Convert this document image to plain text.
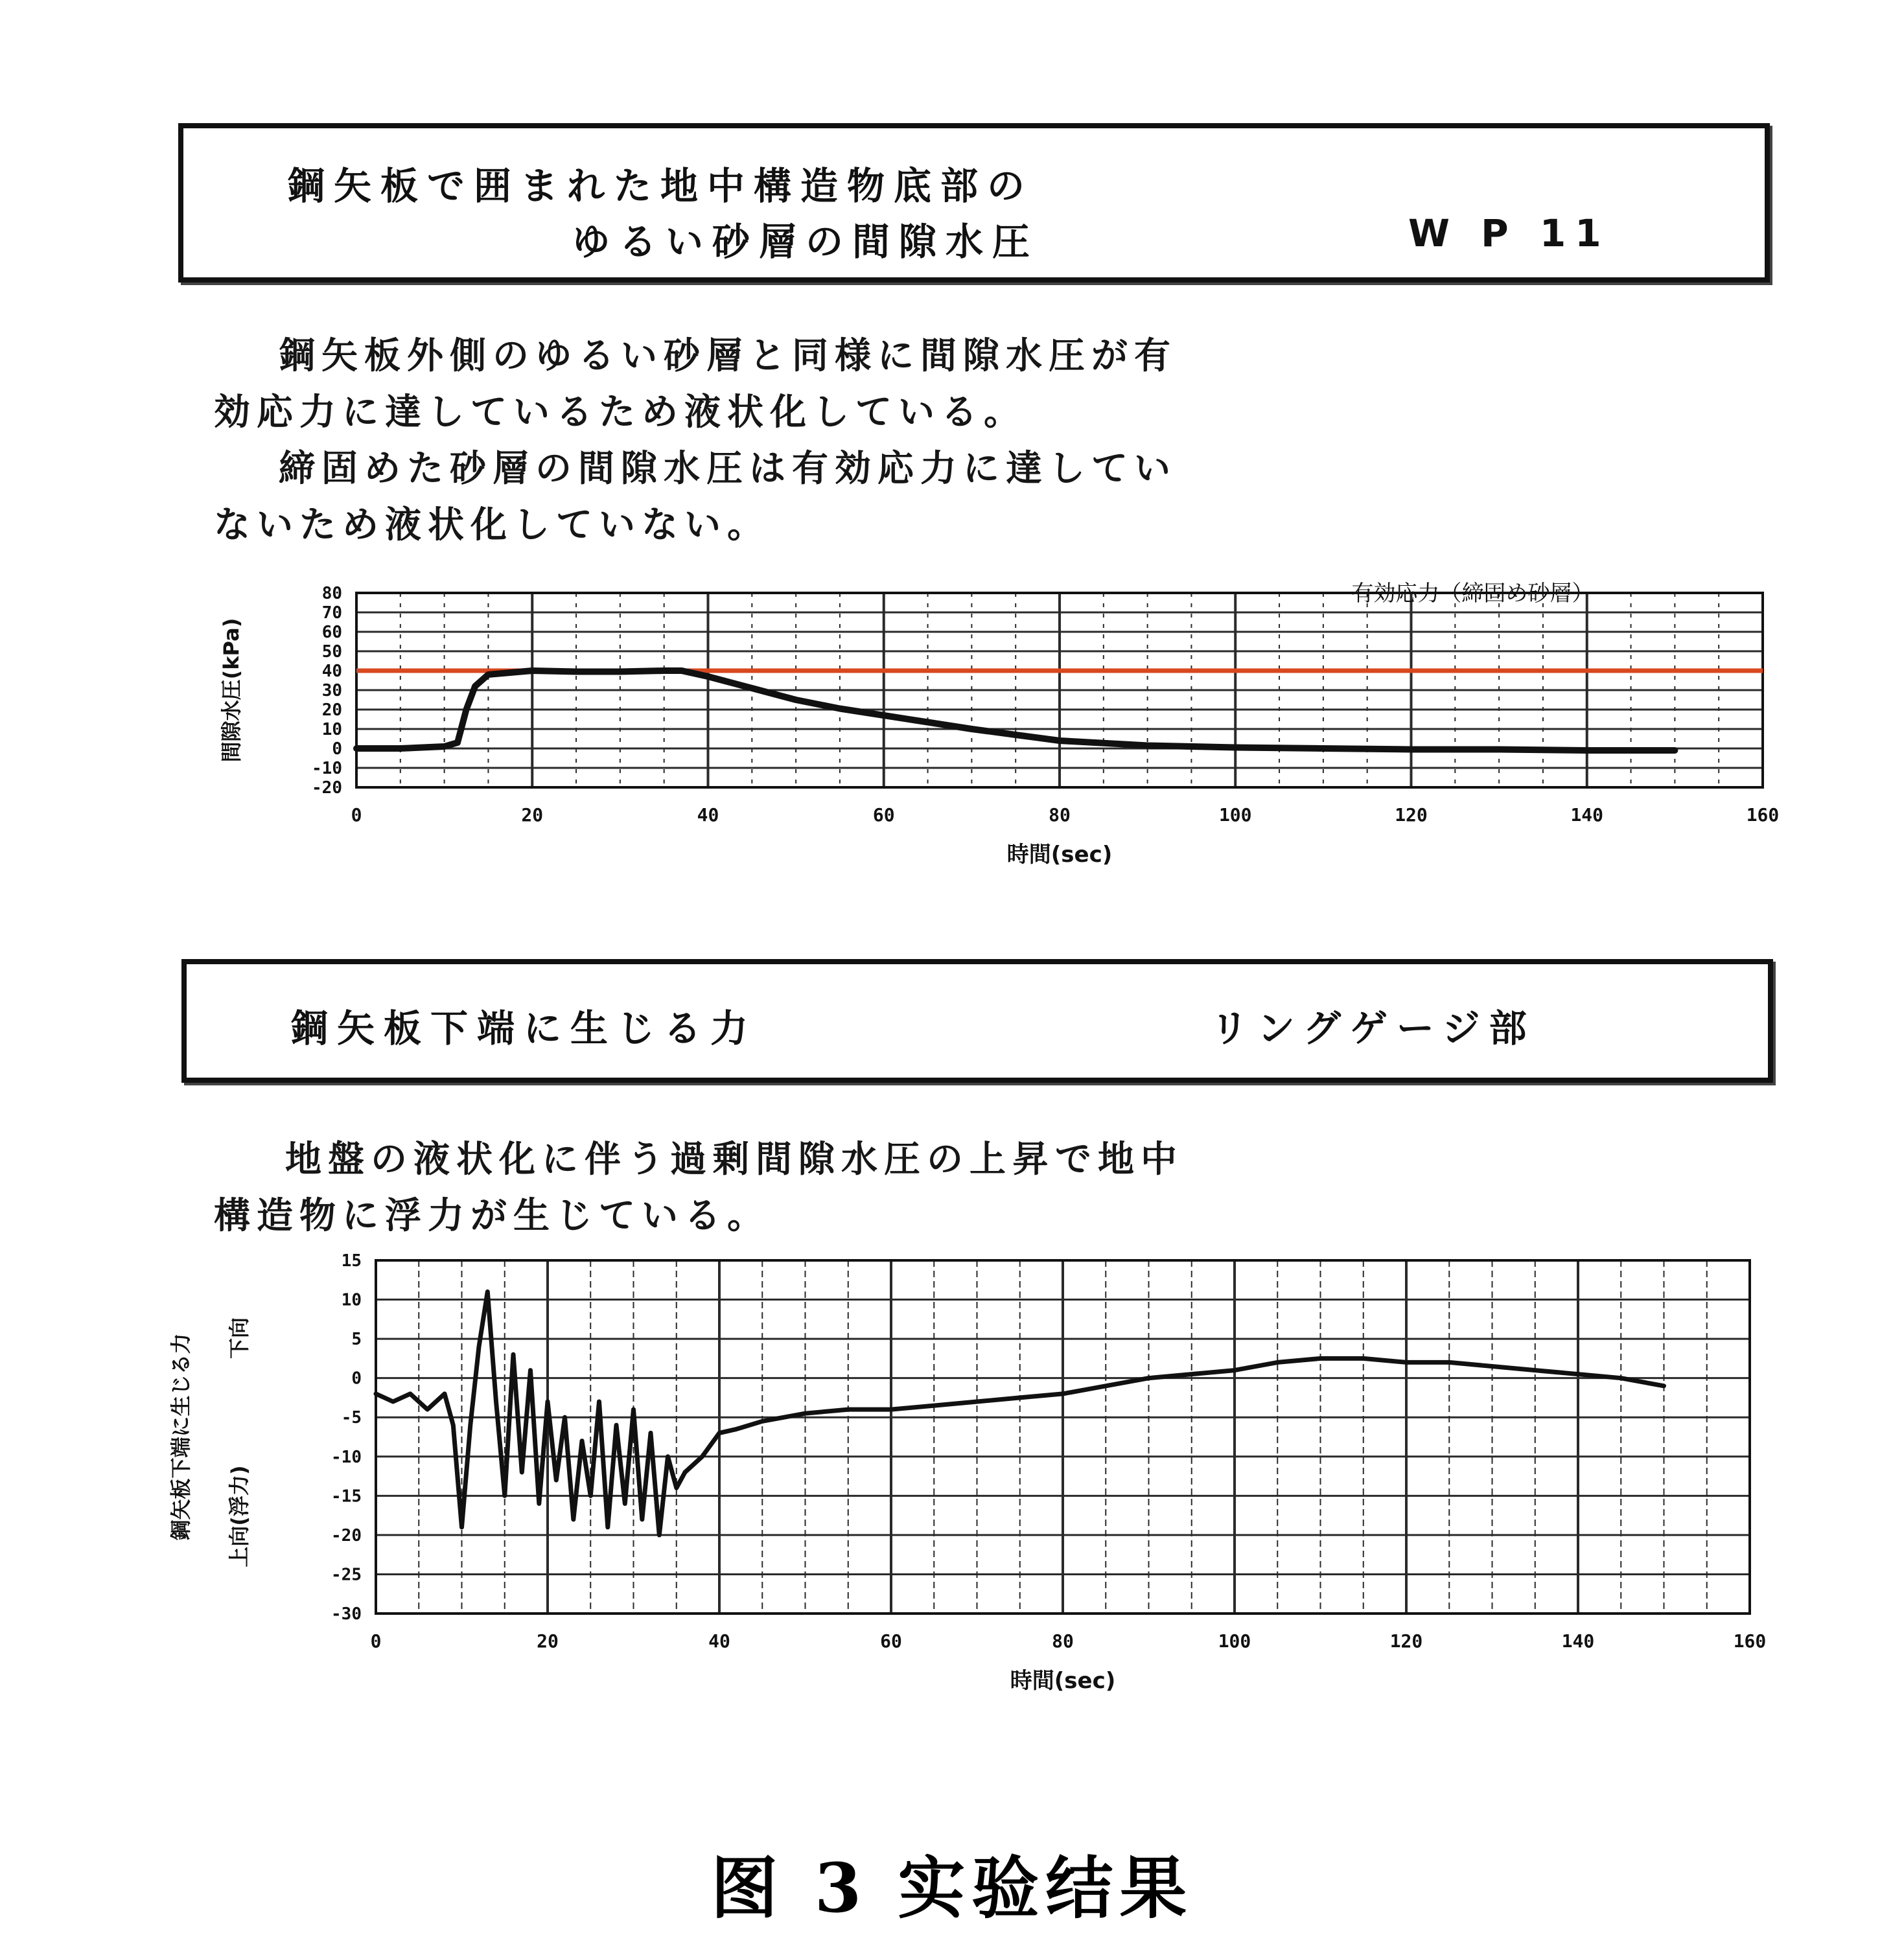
鋼矢板で囲まれた地中構造物底部の
ゆるい砂層の間隙水圧	W P 11
鋼矢板外側のゆるい砂層と同様に間隙水圧が有
効応力に達しているため液状化している。
締固めた砂層の間隙水圧は有効応力に達してい
ないため液状化していない。
80
70
60
50
40
30
20
10
0
-10
-20
0	20	40	60	80	100	120	140	160
時間(sec)
有効応力（締固め砂層）
間隙水圧(kPa)
鋼矢板下端に生じる力	リングゲージ部
地盤の液状化に伴う過剰間隙水圧の上昇で地中
構造物に浮力が生じている。
15
10
5
0
-5
-10
-15
-20
-25
-30
0	20	40	60	80	100	120	140	160
時間(sec)
鋼矢板下端に生じる力 下向
上向(浮力)
图 3 实验结果
